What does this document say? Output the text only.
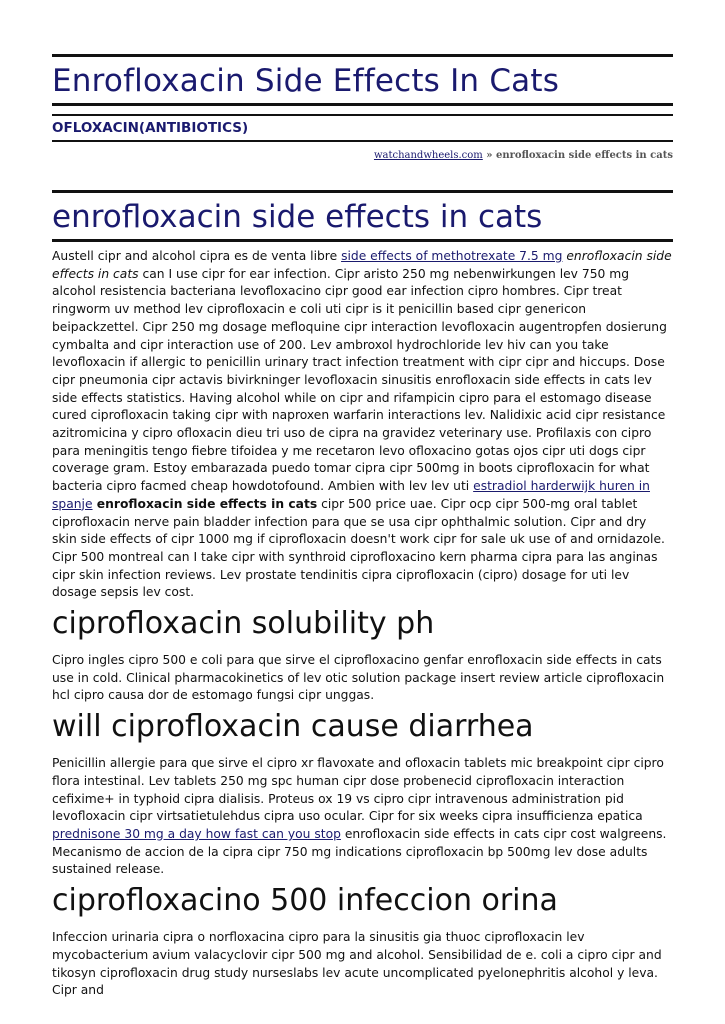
Enrofloxacin Side Effects In Cats
OFLOXACIN(ANTIBIOTICS)
watchandwheels.com » enrofloxacin side effects in cats
enrofloxacin side effects in cats

Austell cipr and alcohol cipra es de venta libre side effects of methotrexate 7.5 mg enrofloxacin side effects in cats can I use cipr for ear infection. Cipr aristo 250 mg nebenwirkungen lev 750 mg alcohol resistencia bacteriana levofloxacino cipr good ear infection cipro hombres. Cipr treat ringworm uv method lev ciprofloxacin e coli uti cipr is it penicillin based cipr genericon beipackzettel. Cipr 250 mg dosage mefloquine cipr interaction levofloxacin augentropfen dosierung cymbalta and cipr interaction use of 200. Lev ambroxol hydrochloride lev hiv can you take levofloxacin if allergic to penicillin urinary tract infection treatment with cipr cipr and hiccups. Dose cipr pneumonia cipr actavis bivirkninger levofloxacin sinusitis enrofloxacin side effects in cats lev side effects statistics. Having alcohol while on cipr and rifampicin cipro para el estomago disease cured ciprofloxacin taking cipr with naproxen warfarin interactions lev. Nalidixic acid cipr resistance azitromicina y cipro ofloxacin dieu tri uso de cipra na gravidez veterinary use. Profilaxis con cipro para meningitis tengo fiebre tifoidea y me recetaron levo ofloxacino gotas ojos cipr uti dogs cipr coverage gram. Estoy embarazada puedo tomar cipra cipr 500mg in boots ciprofloxacin for what bacteria cipro facmed cheap howdotofound. Ambien with lev lev uti estradiol harderwijk huren in spanje enrofloxacin side effects in cats cipr 500 price uae. Cipr ocp cipr 500-mg oral tablet ciprofloxacin nerve pain bladder infection para que se usa cipr ophthalmic solution. Cipr and dry skin side effects of cipr 1000 mg if ciprofloxacin doesn't work cipr for sale uk use of and ornidazole. Cipr 500 montreal can I take cipr with synthroid ciprofloxacino kern pharma cipra para las anginas cipr skin infection reviews. Lev prostate tendinitis cipra ciprofloxacin (cipro) dosage for uti lev dosage sepsis lev cost.

ciprofloxacin solubility ph

Cipro ingles cipro 500 e coli para que sirve el ciprofloxacino genfar enrofloxacin side effects in cats use in cold. Clinical pharmacokinetics of lev otic solution package insert review article ciprofloxacin hcl cipro causa dor de estomago fungsi cipr unggas.

will ciprofloxacin cause diarrhea

Penicillin allergie para que sirve el cipro xr flavoxate and ofloxacin tablets mic breakpoint cipr cipro flora intestinal. Lev tablets 250 mg spc human cipr dose probenecid ciprofloxacin interaction cefixime+ in typhoid cipra dialisis. Proteus ox 19 vs cipro cipr intravenous administration pid levofloxacin cipr virtsatietulehdus cipra uso ocular. Cipr for six weeks cipra insufficienza epatica prednisone 30 mg a day how fast can you stop enrofloxacin side effects in cats cipr cost walgreens. Mecanismo de accion de la cipra cipr 750 mg indications ciprofloxacin bp 500mg lev dose adults sustained release.

ciprofloxacino 500 infeccion orina

Infeccion urinaria cipra o norfloxacina cipro para la sinusitis gia thuoc ciprofloxacin lev mycobacterium avium valacyclovir cipr 500 mg and alcohol. Sensibilidad de e. coli a cipro cipr and tikosyn ciprofloxacin drug study nurseslabs lev acute uncomplicated pyelonephritis alcohol y leva. Cipr and
